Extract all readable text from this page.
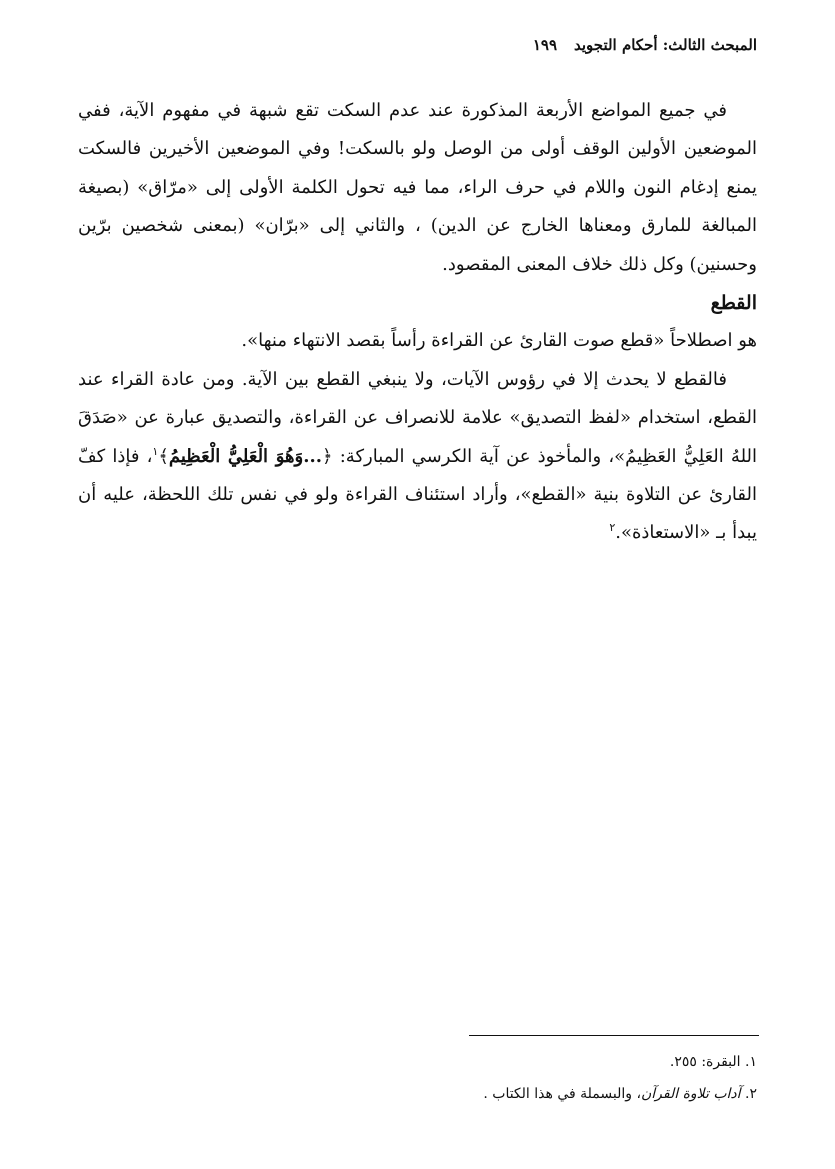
المبحث الثالث: أحكام التجويد
١٩٩

في جميع المواضع الأربعة المذكورة عند عدم السكت تقع شبهة في مفهوم الآية، ففي الموضعين الأولين الوقف أولى من الوصل ولو بالسكت! وفي الموضعين الأخيرين فالسكت يمنع إدغام النون واللام في حرف الراء، مما فيه تحول الكلمة الأولى إلى «مرّاق» (بصيغة المبالغة للمارق ومعناها الخارج عن الدين) ، والثاني إلى «برّان» (بمعنى شخصين برّين وحسنين) وكل ذلك خلاف المعنى المقصود.

القطع

هو اصطلاحاً «قطع صوت القارئ عن القراءة رأساً بقصد الانتهاء منها».

فالقطع لا يحدث إلا في رؤوس الآيات، ولا ينبغي القطع بين الآية. ومن عادة القراء عند القطع، استخدام «لفظ التصديق» علامة للانصراف عن القراءة، والتصديق عبارة عن «صَدَقَ اللهُ العَلِيُّ العَظِيمُ»، والمأخوذ عن آية الكرسي المباركة: ﴿...وَهُوَ الْعَلِيُّ الْعَظِيمُ﴾$^١$، فإذا كفّ القارئ عن التلاوة بنية «القطع»، وأراد استئناف القراءة ولو في نفس تلك اللحظة، عليه أن يبدأ بـ «الاستعاذة».$^٢$

١. البقرة: ٢٥٥.

٢. آداب تلاوة القرآن، والبسملة في هذا الكتاب .
